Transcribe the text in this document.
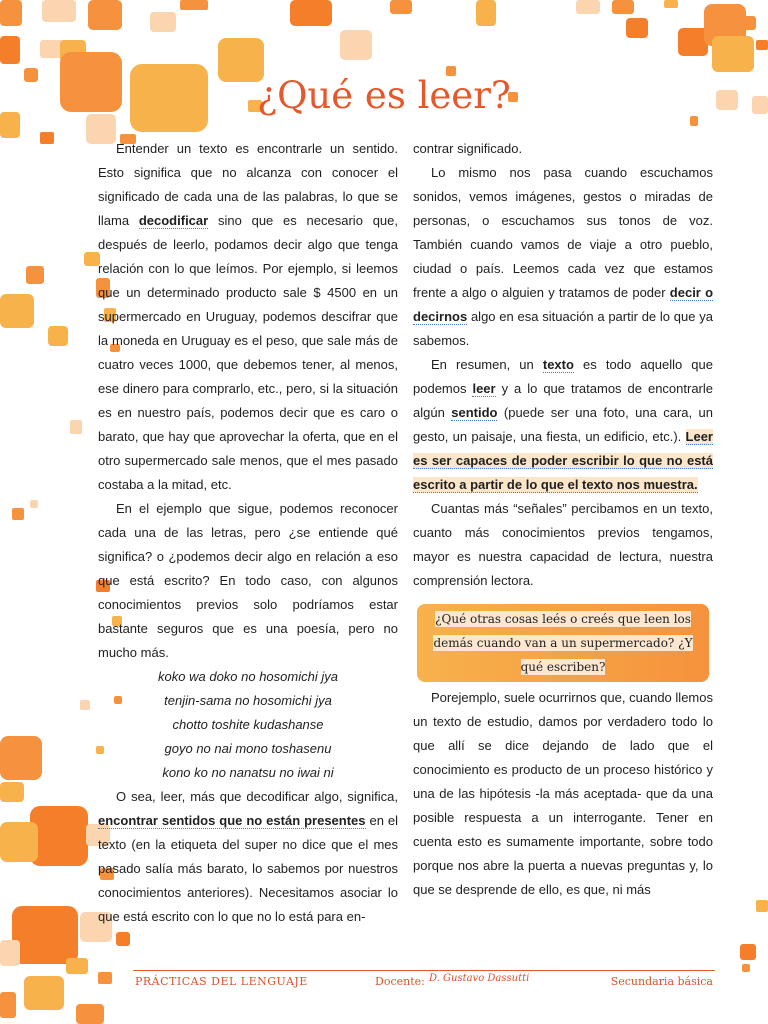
¿Qué es leer?

Entender un texto es encontrarle un sentido. Esto significa que no alcanza con conocer el significado de cada una de las palabras, lo que se llama decodificar sino que es necesario que, después de leerlo, podamos decir algo que tenga relación con lo que leímos. Por ejemplo, si leemos que un determinado producto sale $ 4500 en un supermercado en Uruguay, podemos descifrar que la moneda en Uruguay es el peso, que sale más de cuatro veces 1000, que debemos tener, al menos, ese dinero para comprarlo, etc., pero, si la situación es en nuestro país, podemos decir que es caro o barato, que hay que aprovechar la oferta, que en el otro supermercado sale menos, que el mes pasado costaba a la mitad, etc.

En el ejemplo que sigue, podemos reconocer cada una de las letras, pero ¿se entiende qué significa? o ¿podemos decir algo en relación a eso que está escrito? En todo caso, con algunos conocimientos previos solo podríamos estar bastante seguros que es una poesía, pero no mucho más.

koko wa doko no hosomichi jya
tenjin-sama no hosomichi jya
chotto toshite kudashanse
goyo no nai mono toshasenu
kono ko no nanatsu no iwai ni

O sea, leer, más que decodificar algo, significa, encontrar sentidos que no están presentes en el texto (en la etiqueta del super no dice que el mes pasado salía más barato, lo sabemos por nuestros conocimientos anteriores). Necesitamos asociar lo que está escrito con lo que no lo está para en-

contrar significado.

Lo mismo nos pasa cuando escuchamos sonidos, vemos imágenes, gestos o miradas de personas, o escuchamos sus tonos de voz. También cuando vamos de viaje a otro pueblo, ciudad o país. Leemos cada vez que estamos frente a algo o alguien y tratamos de poder decir o decirnos algo en esa situación a partir de lo que ya sabemos.

En resumen, un texto es todo aquello que podemos leer y a lo que tratamos de encontrarle algún sentido (puede ser una foto, una cara, un gesto, un paisaje, una fiesta, un edificio, etc.). Leer es ser capaces de poder escribir lo que no está escrito a partir de lo que el texto nos muestra.

Cuantas más “señales” percibamos en un texto, cuanto más conocimientos previos tengamos, mayor es nuestra capacidad de lectura, nuestra comprensión lectora.

¿Qué otras cosas leés o creés que leen los demás cuando van a un supermercado? ¿Y qué escriben?

Porejemplo, suele ocurrirnos que, cuando llemos un texto de estudio, damos por verdadero todo lo que allí se dice dejando de lado que el conocimiento es producto de un proceso histórico y una de las hipótesis -la más aceptada- que da una posible respuesta a un interrogante. Tener en cuenta esto es sumamente importante, sobre todo porque nos abre la puerta a nuevas preguntas y, lo que se desprende de ello, es que, ni más

PRÁCTICAS DEL LENGUAJE	Docente: D. Gustavo Dassutti	Secundaria básica
